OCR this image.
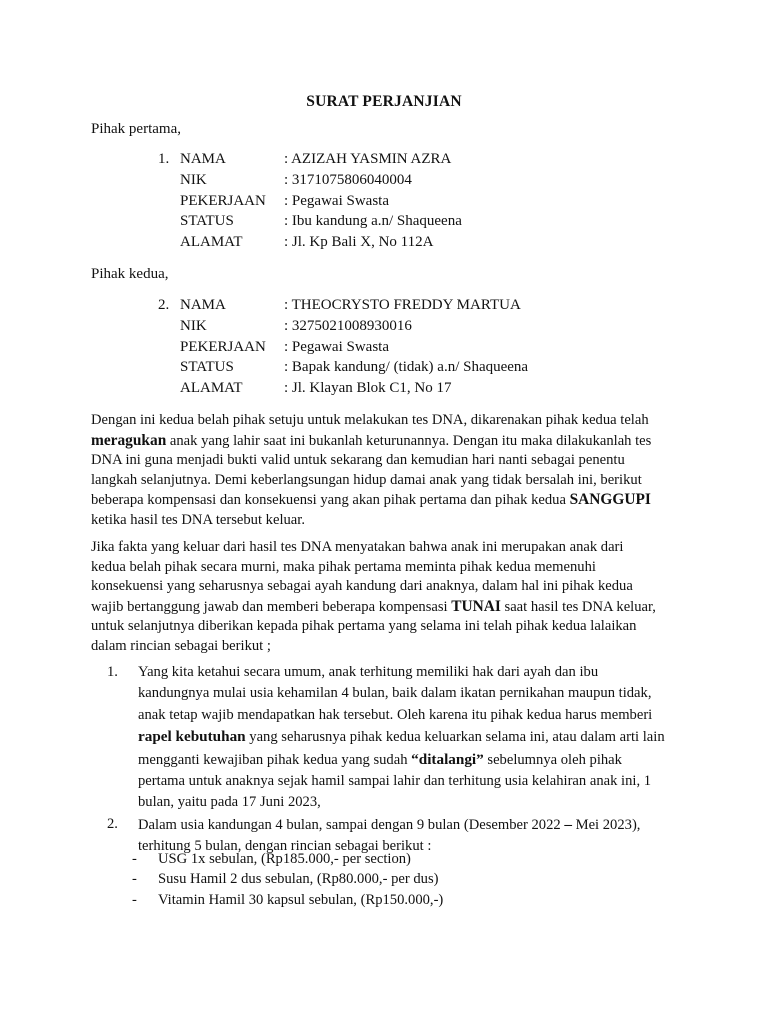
SURAT PERJANJIAN
Pihak pertama,
1. NAMA	: AZIZAH YASMIN AZRA
NIK	: 3171075806040004
PEKERJAAN : Pegawai Swasta
STATUS	: Ibu kandung a.n/ Shaqueena
ALAMAT	: Jl. Kp Bali X, No 112A
Pihak kedua,
2. NAMA	: THEOCRYSTO FREDDY MARTUA
NIK	: 3275021008930016
PEKERJAAN : Pegawai Swasta
STATUS	: Bapak kandung/ (tidak) a.n/ Shaqueena
ALAMAT	: Jl. Klayan Blok C1, No 17
Dengan ini kedua belah pihak setuju untuk melakukan tes DNA, dikarenakan pihak kedua telah
meragukan anak yang lahir saat ini bukanlah keturunannya. Dengan itu maka dilakukanlah tes
DNA ini guna menjadi bukti valid untuk sekarang dan kemudian hari nanti sebagai penentu
langkah selanjutnya. Demi keberlangsungan hidup damai anak yang tidak bersalah ini, berikut
beberapa kompensasi dan konsekuensi yang akan pihak pertama dan pihak kedua SANGGUPI
ketika hasil tes DNA tersebut keluar.
Jika fakta yang keluar dari hasil tes DNA menyatakan bahwa anak ini merupakan anak dari
kedua belah pihak secara murni, maka pihak pertama meminta pihak kedua memenuhi
konsekuensi yang seharusnya sebagai ayah kandung dari anaknya, dalam hal ini pihak kedua
wajib bertanggung jawab dan memberi beberapa kompensasi TUNAI saat hasil tes DNA keluar,
untuk selanjutnya diberikan kepada pihak pertama yang selama ini telah pihak kedua lalaikan
dalam rincian sebagai berikut ;
1. Yang kita ketahui secara umum, anak terhitung memiliki hak dari ayah dan ibu
kandungnya mulai usia kehamilan 4 bulan, baik dalam ikatan pernikahan maupun tidak,
anak tetap wajib mendapatkan hak tersebut. Oleh karena itu pihak kedua harus memberi
rapel kebutuhan yang seharusnya pihak kedua keluarkan selama ini, atau dalam arti lain
mengganti kewajiban pihak kedua yang sudah “ditalangi” sebelumnya oleh pihak
pertama untuk anaknya sejak hamil sampai lahir dan terhitung usia kelahiran anak ini, 1
bulan, yaitu pada 17 Juni 2023,
2. Dalam usia kandungan 4 bulan, sampai dengan 9 bulan (Desember 2022 – Mei 2023),
terhitung 5 bulan, dengan rincian sebagai berikut :
- USG 1x sebulan, (Rp185.000,- per section)
- Susu Hamil 2 dus sebulan, (Rp80.000,- per dus)
- Vitamin Hamil 30 kapsul sebulan, (Rp150.000,-)
